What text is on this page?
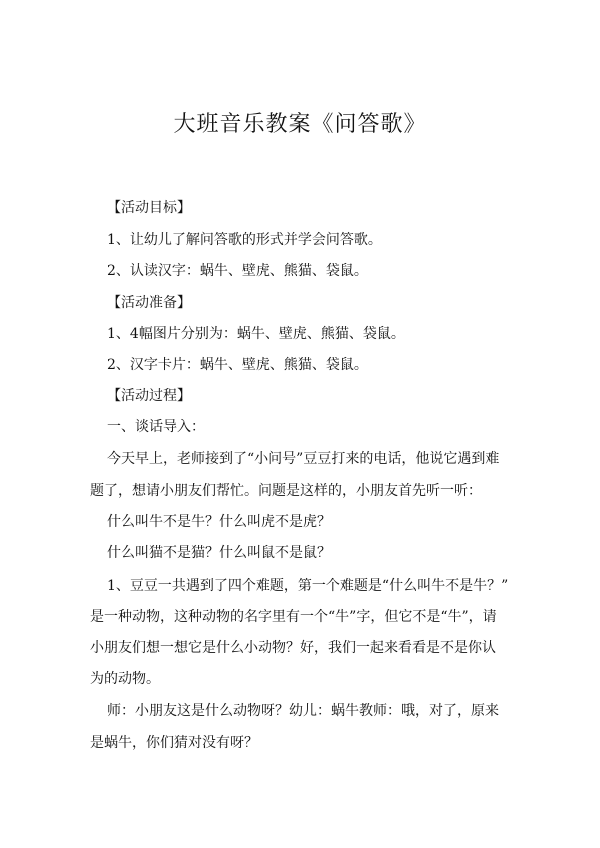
大班音乐教案《问答歌》
【活动目标】
1、让幼儿了解问答歌的形式并学会问答歌。
2、认读汉字：蜗牛、壁虎、熊猫、袋鼠。
【活动准备】
1、4幅图片分别为：蜗牛、壁虎、熊猫、袋鼠。
2、汉字卡片：蜗牛、壁虎、熊猫、袋鼠。
【活动过程】
一、谈话导入：
今天早上，老师接到了“小问号”豆豆打来的电话，他说它遇到难
题了，想请小朋友们帮忙。问题是这样的，小朋友首先听一听：
什么叫牛不是牛？什么叫虎不是虎？
什么叫猫不是猫？什么叫鼠不是鼠？
1、豆豆一共遇到了四个难题，第一个难题是“什么叫牛不是牛？”
是一种动物，这种动物的名字里有一个“牛”字，但它不是“牛”，请
小朋友们想一想它是什么小动物？好，我们一起来看看是不是你认
为的动物。
师：小朋友这是什么动物呀？幼儿：蜗牛教师：哦，对了，原来
是蜗牛，你们猜对没有呀？
